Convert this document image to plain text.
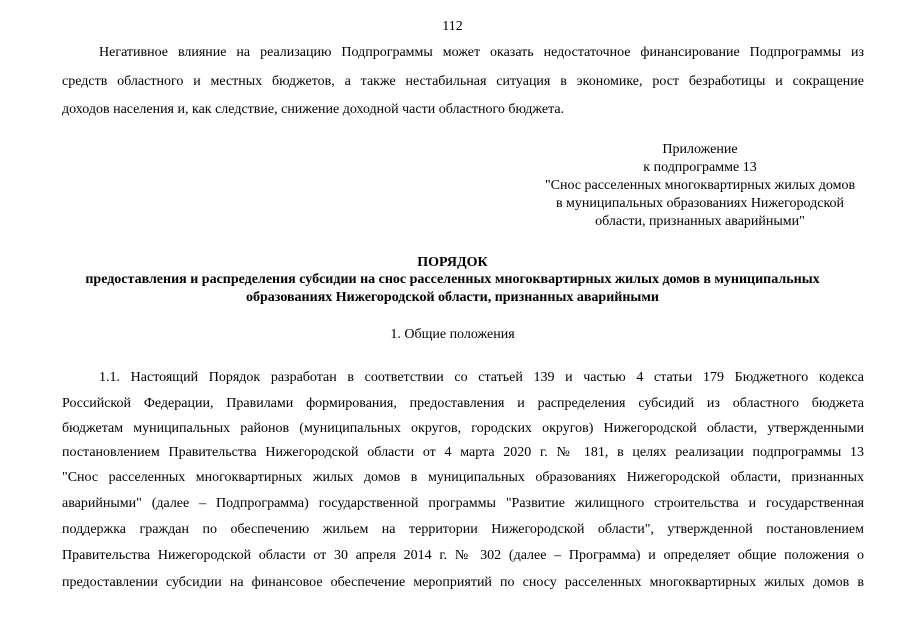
112
Негативное влияние на реализацию Подпрограммы может оказать недостаточное финансирование Подпрограммы из
средств областного и местных бюджетов, а также нестабильная ситуация в экономике, рост безработицы и сокращение
доходов населения и, как следствие, снижение доходной части областного бюджета.
Приложение
к подпрограмме 13
"Снос расселенных многоквартирных жилых домов
в муниципальных образованиях Нижегородской
области, признанных аварийными"
ПОРЯДОК
предоставления и распределения субсидии на снос расселенных многоквартирных жилых домов в муниципальных
образованиях Нижегородской области, признанных аварийными
1. Общие положения
1.1. Настоящий Порядок разработан в соответствии со статьей 139 и частью 4 статьи 179 Бюджетного кодекса
Российской Федерации, Правилами формирования, предоставления и распределения субсидий из областного бюджета
бюджетам муниципальных районов (муниципальных округов, городских округов) Нижегородской области, утвержденными
постановлением Правительства Нижегородской области от 4 марта 2020 г. № 181, в целях реализации подпрограммы 13
"Снос расселенных многоквартирных жилых домов в муниципальных образованиях Нижегородской области, признанных
аварийными" (далее – Подпрограмма) государственной программы "Развитие жилищного строительства и государственная
поддержка граждан по обеспечению жильем на территории Нижегородской области", утвержденной постановлением
Правительства Нижегородской области от 30 апреля 2014 г. № 302 (далее – Программа) и определяет общие положения о
предоставлении субсидии на финансовое обеспечение мероприятий по сносу расселенных многоквартирных жилых домов в
